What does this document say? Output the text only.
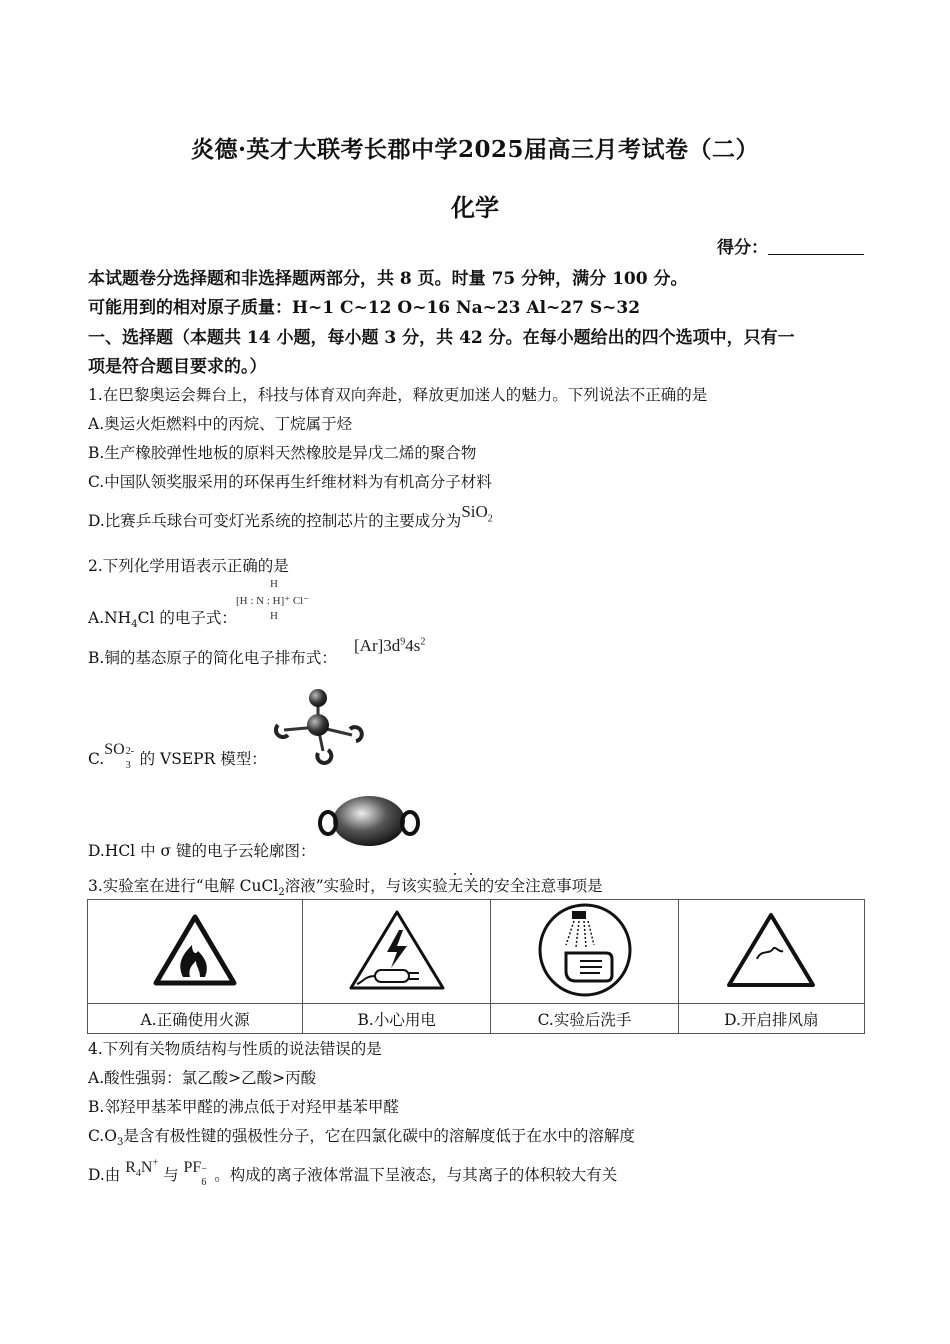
炎德·英才大联考长郡中学2025届高三月考试卷（二）
化学
得分：
本试题卷分选择题和非选择题两部分，共 8 页。时量 75 分钟，满分 100 分。
可能用到的相对原子质量：H~1 C~12 O~16 Na~23 Al~27 S~32
一、选择题（本题共 14 小题，每小题 3 分，共 42 分。在每小题给出的四个选项中，只有一
项是符合题目要求的。）
1.在巴黎奥运会舞台上，科技与体育双向奔赴，释放更加迷人的魅力。下列说法不正确的是
A.奥运火炬燃料中的丙烷、丁烷属于烃
B.生产橡胶弹性地板的原料天然橡胶是异戊二烯的聚合物
C.中国队领奖服采用的环保再生纤维材料为有机高分子材料
D.比赛乒乓球台可变灯光系统的控制芯片的主要成分为SiO$_2$
2.下列化学用语表示正确的是
$A.NH_4Cl$ 的电子式：
H
[H : N : H]⁺ Cl⁻
H
B.铜的基态原子的简化电子排布式：
$[Ar]3d^94s^2$
C.SO 2-
3 的 VSEPR 模型：
D.HCl 中 σ 键的电子云轮廓图：
3.实验室在进行“电解 CuCl$_2$溶液”实验时，与该实验无关
的安全注意事项是

A.正确使用火源	B.小心用电	C.实验后洗手	D.开启排风扇
4.下列有关物质结构与性质的说法错误的是
A.酸性强弱：氯乙酸>乙酸>丙酸
B.邻羟甲基苯甲醛的沸点低于对羟甲基苯甲醛
$C.O_3$是含有极性键的强极性分子，它在四氯化碳中的溶解度低于在水中的溶解度
D.由 $R_4N^+$ 与 PF −
6 。构成的离子液体常温下呈液态，与其离子的体积较大有关
